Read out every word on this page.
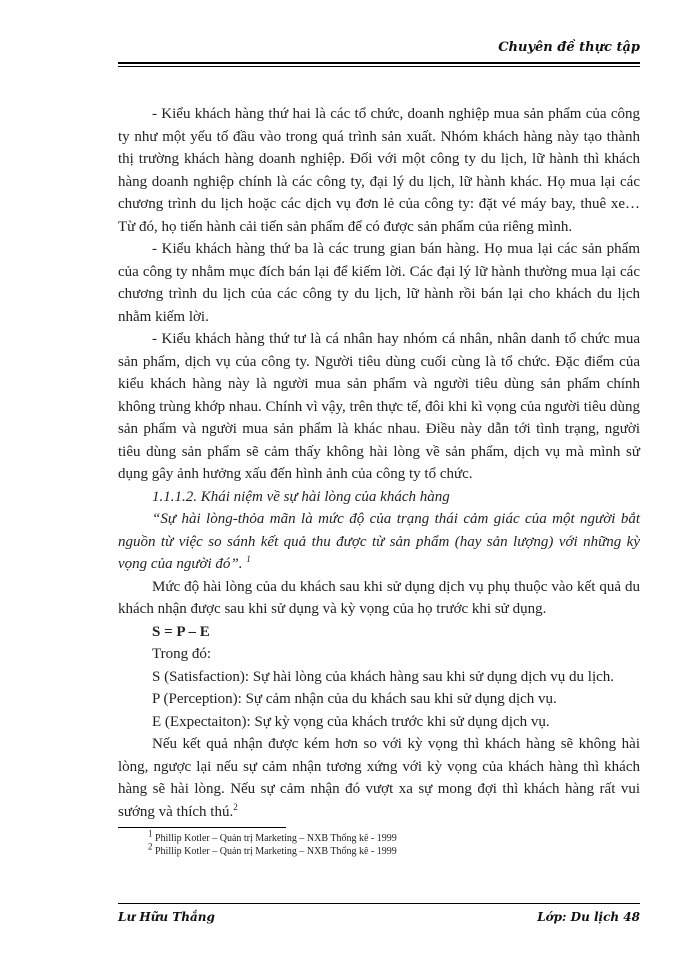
Chuyên đề thực tập

- Kiểu khách hàng thứ hai là các tổ chức, doanh nghiệp mua sản phẩm của công ty như một yếu tố đầu vào trong quá trình sản xuất. Nhóm khách hàng này tạo thành thị trường khách hàng doanh nghiệp. Đối với một công ty du lịch, lữ hành thì khách hàng doanh nghiệp chính là các công ty, đại lý du lịch, lữ hành khác. Họ mua lại các chương trình du lịch hoặc các dịch vụ đơn lẻ của công ty: đặt vé máy bay, thuê xe…Từ đó, họ tiến hành cải tiến sản phẩm để có được sản phẩm của riêng mình.

- Kiểu khách hàng thứ ba là các trung gian bán hàng. Họ mua lại các sản phẩm của công ty nhằm mục đích bán lại để kiếm lời. Các đại lý lữ hành thường mua lại các chương trình du lịch của các công ty du lịch, lữ hành rồi bán lại cho khách du lịch nhằm kiếm lời.

- Kiểu khách hàng thứ tư là cá nhân hay nhóm cá nhân, nhân danh tổ chức mua sản phẩm, dịch vụ của công ty. Người tiêu dùng cuối cùng là tổ chức. Đặc điểm của kiểu khách hàng này là người mua sản phẩm và người tiêu dùng sản phẩm chính không trùng khớp nhau. Chính vì vậy, trên thực tế, đôi khi kì vọng của người tiêu dùng sản phẩm và người mua sản phẩm là khác nhau. Điều này dẫn tới tình trạng, người tiêu dùng sản phẩm sẽ cảm thấy không hài lòng về sản phẩm, dịch vụ mà mình sử dụng gây ảnh hưởng xấu đến hình ảnh của công ty tổ chức.

1.1.1.2. Khái niệm về sự hài lòng của khách hàng

“Sự hài lòng-thỏa mãn là mức độ của trạng thái cảm giác của một người bắt nguồn từ việc so sánh kết quả thu được từ sản phẩm (hay sản lượng) với những kỳ vọng của người đó”. $^1$

Mức độ hài lòng của du khách sau khi sử dụng dịch vụ phụ thuộc vào kết quả du khách nhận được sau khi sử dụng và kỳ vọng của họ trước khi sử dụng.

S = P – E

Trong đó:

S (Satisfaction): Sự hài lòng của khách hàng sau khi sử dụng dịch vụ du lịch.

P (Perception): Sự cảm nhận của du khách sau khi sử dụng dịch vụ.

E (Expectaiton): Sự kỳ vọng của khách trước khi sử dụng dịch vụ.

Nếu kết quả nhận được kém hơn so với kỳ vọng thì khách hàng sẽ không hài lòng, ngược lại nếu sự cảm nhận tương xứng với kỳ vọng của khách hàng thì khách hàng sẽ hài lòng. Nếu sự cảm nhận đó vượt xa sự mong đợi thì khách hàng rất vui sướng và thích thú.$^2$

$^1$ Phillip Kotler – Quản trị Marketing – NXB Thống kê - 1999
$^2$ Phillip Kotler – Quản trị Marketing – NXB Thống kê - 1999
Lư Hữu Thắng	Lớp: Du lịch 48
